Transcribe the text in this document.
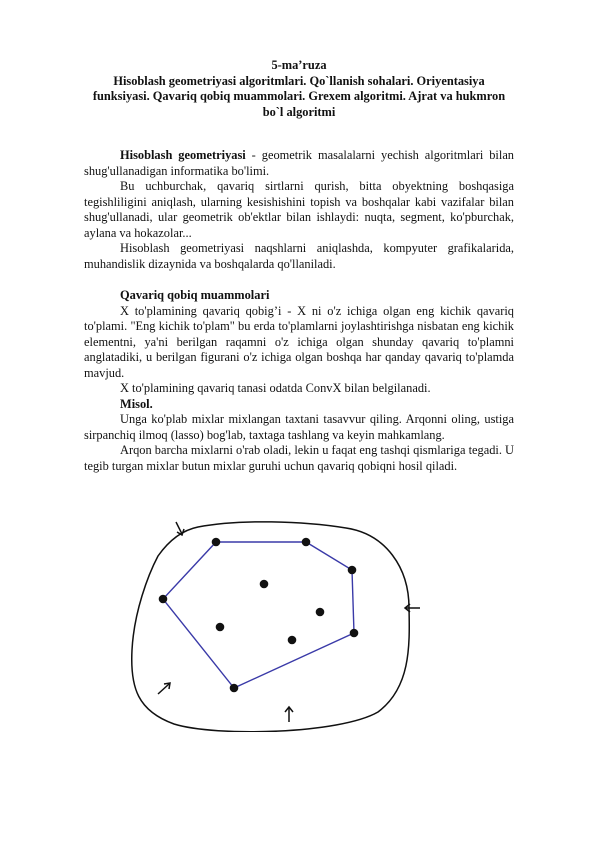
5-ma’ruza
Hisoblash geometriyasi algoritmlari. Qo`llanish sohalari. Oriyentasiya
funksiyasi. Qavariq qobiq muammolari. Grexem algoritmi. Ajrat va hukmron
bo`l algoritmi

Hisoblash geometriyasi - geometrik masalalarni yechish algoritmlari bilan shug'ullanadigan informatika bo'limi.

Bu uchburchak, qavariq sirtlarni qurish, bitta obyektning boshqasiga tegishliligini aniqlash, ularning kesishishini topish va boshqalar kabi vazifalar bilan shug'ullanadi, ular geometrik ob'ektlar bilan ishlaydi: nuqta, segment, ko'pburchak, aylana va hokazolar...

Hisoblash geometriyasi naqshlarni aniqlashda, kompyuter grafikalarida, muhandislik dizaynida va boshqalarda qo'llaniladi.

Qavariq qobiq muammolari

X to'plamining qavariq qobig’i - X ni o'z ichiga olgan eng kichik qavariq to'plami. "Eng kichik to'plam" bu erda to'plamlarni joylashtirishga nisbatan eng kichik elementni, ya'ni berilgan raqamni o'z ichiga olgan shunday qavariq to'plamni anglatadiki, u berilgan figurani o'z ichiga olgan boshqa har qanday qavariq to'plamda mavjud.

X to'plamining qavariq tanasi odatda ConvX bilan belgilanadi.

Misol.

Unga ko'plab mixlar mixlangan taxtani tasavvur qiling. Arqonni oling, ustiga sirpanchiq ilmoq (lasso) bog'lab, taxtaga tashlang va keyin mahkamlang.

Arqon barcha mixlarni o'rab oladi, lekin u faqat eng tashqi qismlariga tegadi. U tegib turgan mixlar butun mixlar guruhi uchun qavariq qobiqni hosil qiladi.
